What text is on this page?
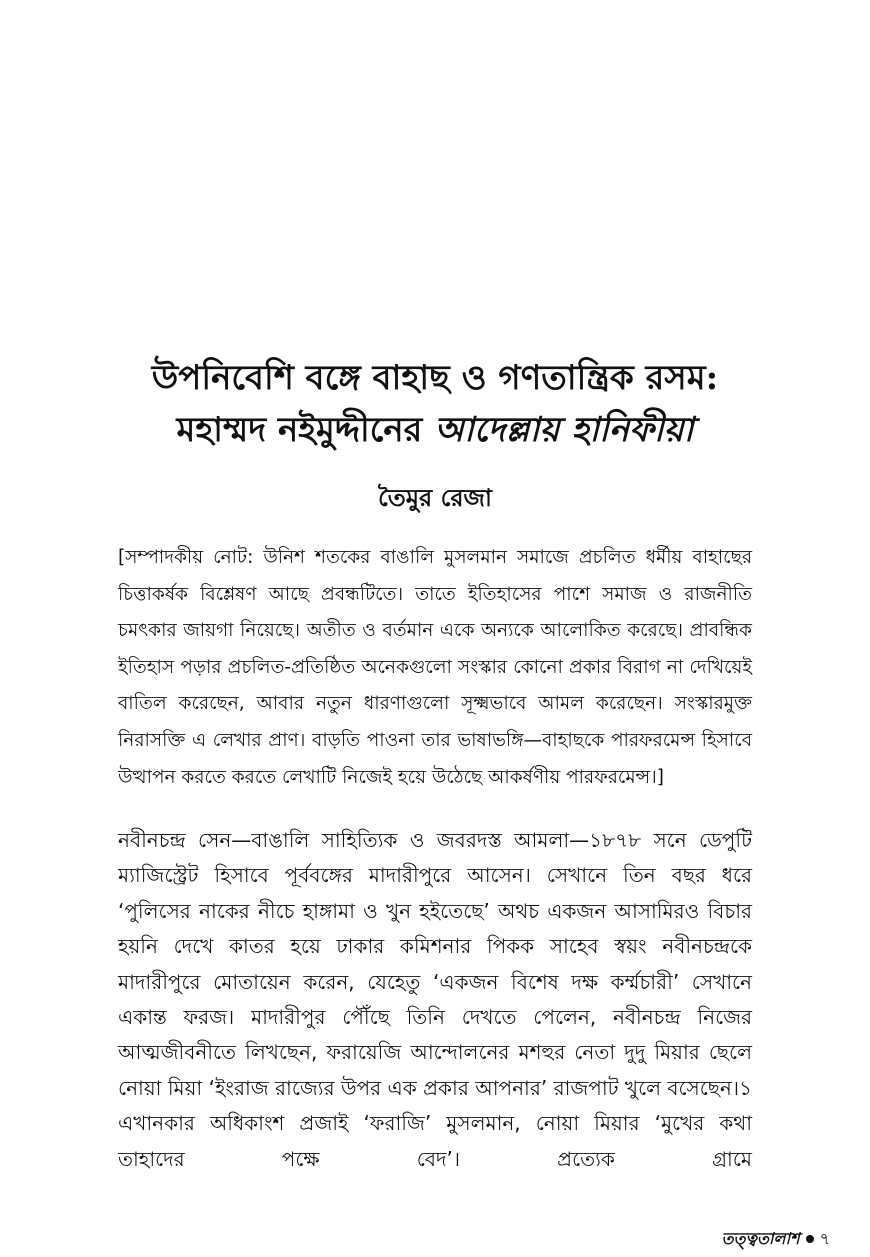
উপনিবেশি বঙ্গে বাহাছ ও গণতান্ত্রিক রসম:
মহাম্মদ নইমুদ্দীনের আদেল্লায় হানিফীয়া
তৈমুর রেজা

[সম্পাদকীয় নোট: উনিশ শতকের বাঙালি মুসলমান সমাজে প্রচলিত ধর্মীয় বাহাছের চিত্তাকর্ষক বিশ্লেষণ আছে প্রবন্ধটিতে। তাতে ইতিহাসের পাশে সমাজ ও রাজনীতি চমৎকার জায়গা নিয়েছে। অতীত ও বর্তমান একে অন্যকে আলোকিত করেছে। প্রাবন্ধিক ইতিহাস পড়ার প্রচলিত-প্রতিষ্ঠিত অনেকগুলো সংস্কার কোনো প্রকার বিরাগ না দেখিয়েই বাতিল করেছেন, আবার নতুন ধারণাগুলো সূক্ষ্মভাবে আমল করেছেন। সংস্কারমুক্ত নিরাসক্তি এ লেখার প্রাণ। বাড়তি পাওনা তার ভাষাভঙ্গি—বাহাছকে পারফরমেন্স হিসাবে উত্থাপন করতে করতে লেখাটি নিজেই হয়ে উঠেছে আকর্ষণীয় পারফরমেন্স।]

নবীনচন্দ্র সেন—বাঙালি সাহিত্যিক ও জবরদস্ত আমলা—১৮৭৮ সনে ডেপুটি ম্যাজিস্ট্রেট হিসাবে পূর্ববঙ্গের মাদারীপুরে আসেন। সেখানে তিন বছর ধরে ‘পুলিসের নাকের নীচে হাঙ্গামা ও খুন হইতেছে’ অথচ একজন আসামিরও বিচার হয়নি দেখে কাতর হয়ে ঢাকার কমিশনার পিকক সাহেব স্বয়ং নবীনচন্দ্রকে মাদারীপুরে মোতায়েন করেন, যেহেতু ‘একজন বিশেষ দক্ষ কর্ম্মচারী’ সেখানে একান্ত ফরজ। মাদারীপুর পৌঁছে তিনি দেখতে পেলেন, নবীনচন্দ্র নিজের আত্মজীবনীতে লিখছেন, ফরায়েজি আন্দোলনের মশহুর নেতা দুদু মিয়ার ছেলে নোয়া মিয়া ‘ইংরাজ রাজ্যের উপর এক প্রকার আপনার’ রাজপাট খুলে বসেছেন।১ এখানকার অধিকাংশ প্রজাই ‘ফরাজি’ মুসলমান, নোয়া মিয়ার ‘মুখের কথা তাহাদের পক্ষে বেদ’। প্রত্যেক গ্রামে

তত্ত্বতালাশ ৭
